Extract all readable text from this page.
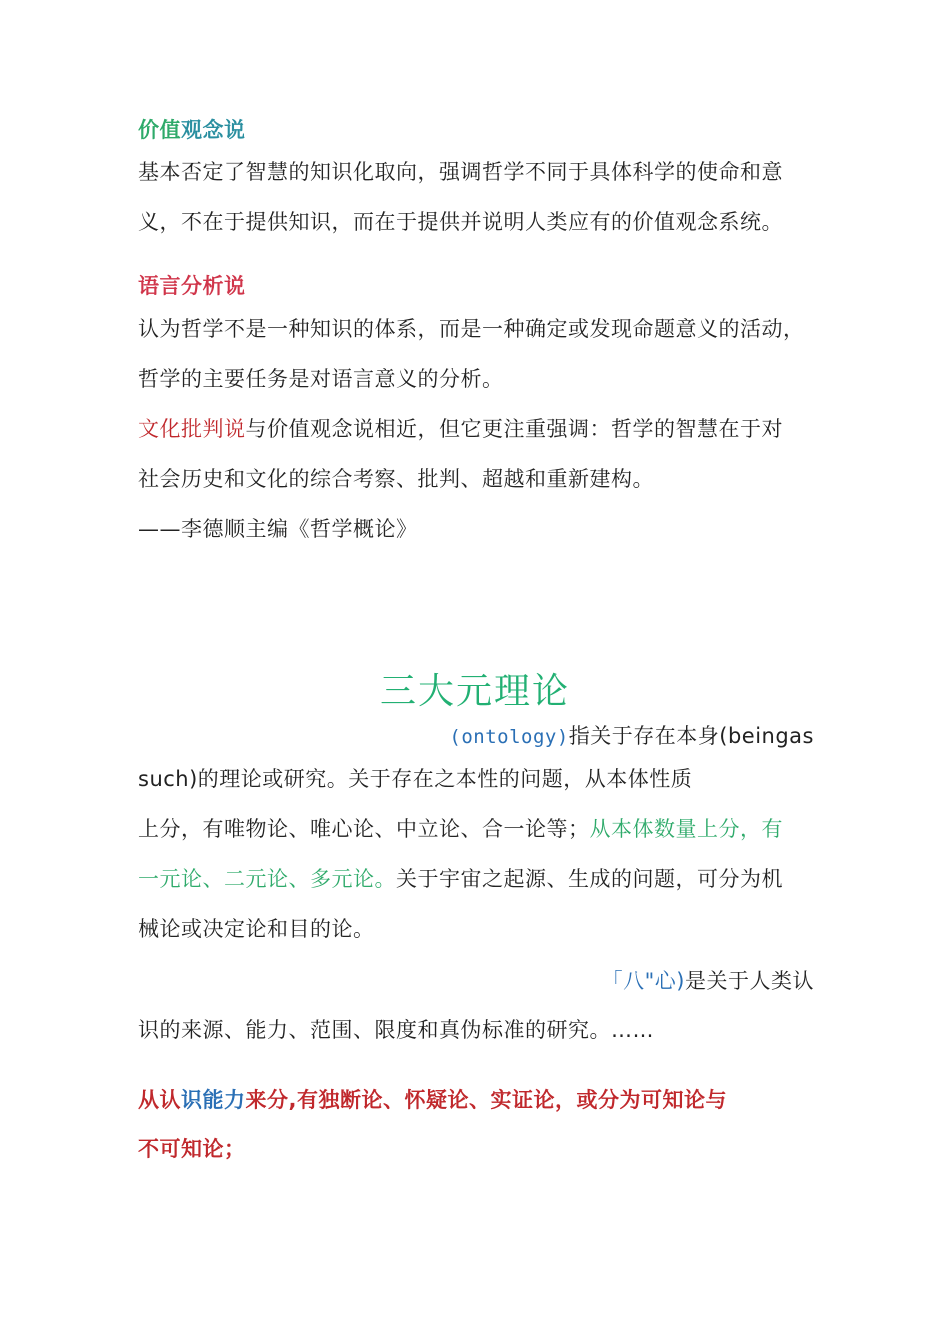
价值观念说
基本否定了智慧的知识化取向，强调哲学不同于具体科学的使命和意
义，不在于提供知识，而在于提供并说明人类应有的价值观念系统。
语言分析说
认为哲学不是一种知识的体系，而是一种确定或发现命题意义的活动，
哲学的主要任务是对语言意义的分析。
文化批判说与价值观念说相近，但它更注重强调：哲学的智慧在于对
社会历史和文化的综合考察、批判、超越和重新建构。
——李德顺主编《哲学概论》
三大元理论
(ontology)指关于存在本身(beingas
such)的理论或研究。关于存在之本性的问题，从本体性质
上分，有唯物论、唯心论、中立论、合一论等；从本体数量上分，有
一元论、二元论、多元论。关于宇宙之起源、生成的问题，可分为机
械论或决定论和目的论。
「八"心)是关于人类认
识的来源、能力、范围、限度和真伪标准的研究。……
从认识能力来分,有独断论、怀疑论、实证论，或分为可知论与
不可知论；
